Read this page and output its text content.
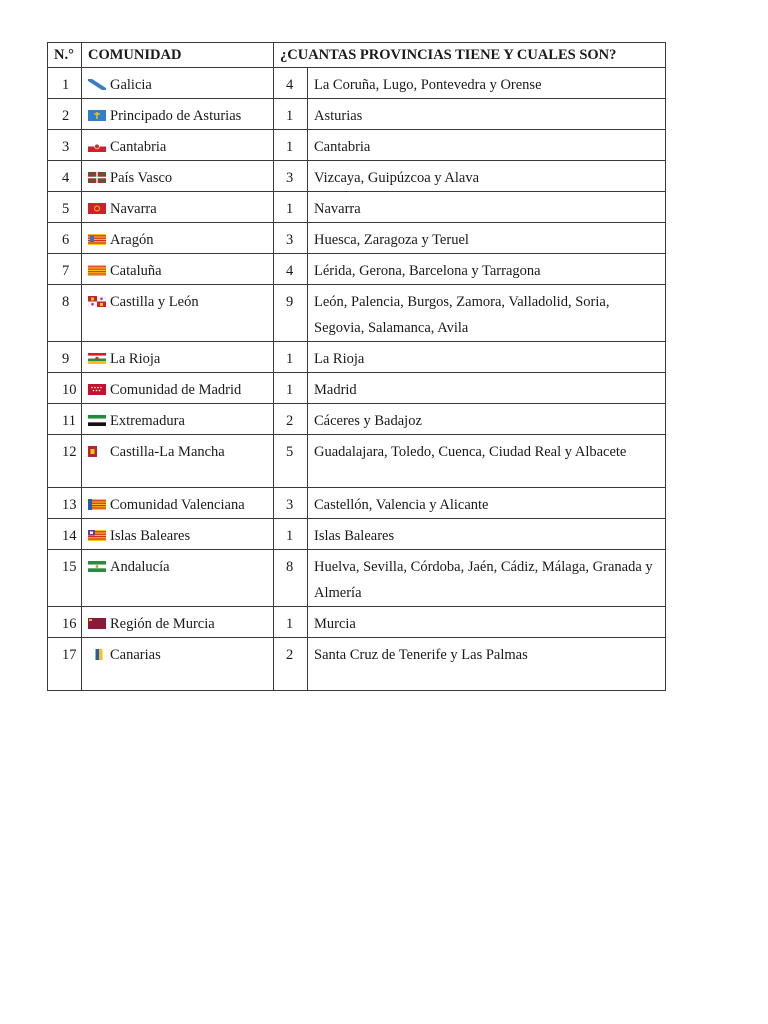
N.°	COMUNIDAD	¿CUANTAS PROVINCIAS TIENE Y CUALES SON?	
1	Galicia	4	La Coruña, Lugo, Pontevedra y Orense
2	Principado de Asturias	1	Asturias
3	Cantabria	1	Cantabria
4	País Vasco	3	Vizcaya, Guipúzcoa y Alava
5	Navarra	1	Navarra
6	Aragón	3	Huesca, Zaragoza y Teruel
7	Cataluña	4	Lérida, Gerona, Barcelona y Tarragona
8	Castilla y León	9	León, Palencia, Burgos, Zamora, Valladolid, Soria, Segovia, Salamanca, Avila
9	La Rioja	1	La Rioja
10	Comunidad de Madrid	1	Madrid
11	Extremadura	2	Cáceres y Badajoz
12	Castilla-La Mancha	5	Guadalajara, Toledo, Cuenca, Ciudad Real y Albacete
13	Comunidad Valenciana	3	Castellón, Valencia y Alicante
14	Islas Baleares	1	Islas Baleares
15	Andalucía	8	Huelva, Sevilla, Córdoba, Jaén, Cádiz, Málaga, Granada y Almería
16	Región de Murcia	1	Murcia
17	Canarias	2	Santa Cruz de Tenerife y Las Palmas
